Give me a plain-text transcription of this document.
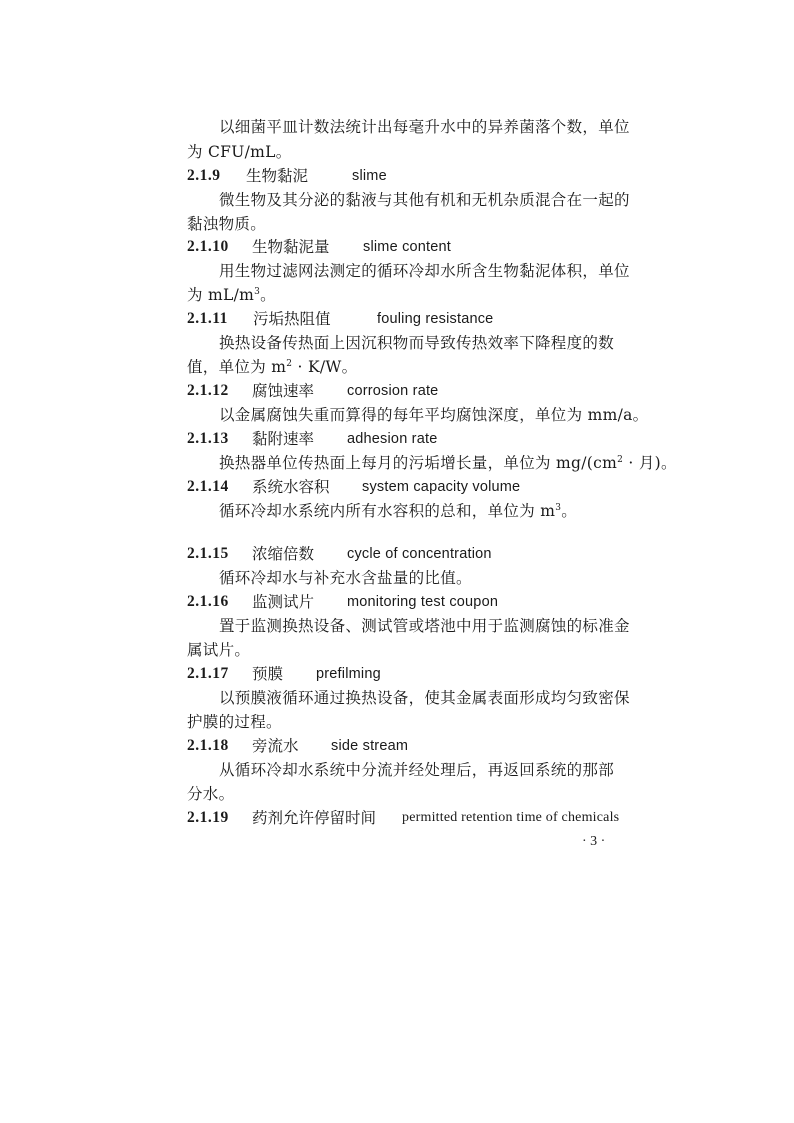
以细菌平皿计数法统计出每毫升水中的异养菌落个数，单位
为 CFU/mL。
2.1.9 生物黏泥	slime
微生物及其分泌的黏液与其他有机和无机杂质混合在一起的
黏浊物质。
2.1.10 生物黏泥量 slime content
用生物过滤网法测定的循环冷却水所含生物黏泥体积，单位
为 $mL/m^3$。
2.1.11 污垢热阻值	fouling resistance
换热设备传热面上因沉积物而导致传热效率下降程度的数
值，单位为 $m^2 \cdot K/W$。
2.1.12 腐蚀速率 corrosion rate
以金属腐蚀失重而算得的每年平均腐蚀深度，单位为 mm/a。
2.1.13 黏附速率 adhesion rate
换热器单位传热面上每月的污垢增长量，单位为 $mg/(cm^2$ · 月)。
2.1.14 系统水容积 system capacity volume
循环冷却水系统内所有水容积的总和，单位为 $m^3$。
2.1.15 浓缩倍数 cycle of concentration
循环冷却水与补充水含盐量的比值。
2.1.16 监测试片 monitoring test coupon
置于监测换热设备、测试管或塔池中用于监测腐蚀的标准金
属试片。
2.1.17 预膜 prefilming
以预膜液循环通过换热设备，使其金属表面形成均匀致密保
护膜的过程。
2.1.18 旁流水 side stream
从循环冷却水系统中分流并经处理后，再返回系统的那部
分水。
2.1.19 药剂允许停留时间 permitted retention time of chemicals
· 3 ·
